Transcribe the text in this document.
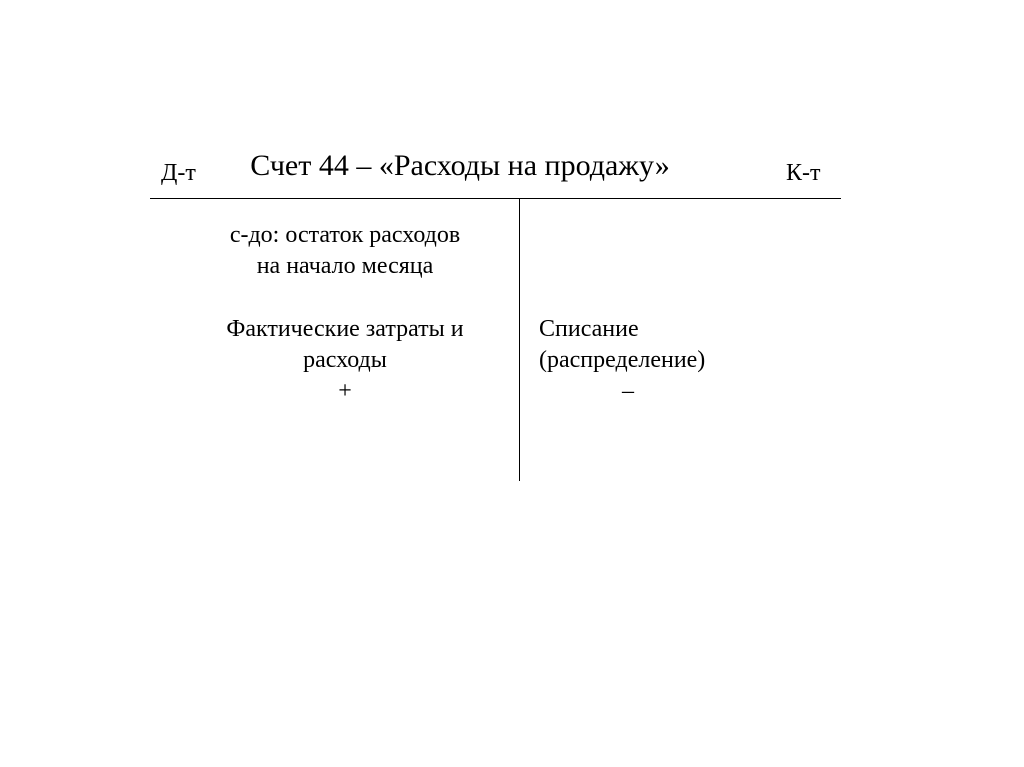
Д-т	Счет 44 – «Расходы на продажу»	К-т
с-до: остаток расходов
на начало месяца
Фактические затраты и
расходы
+
Списание
(распределение)
–
